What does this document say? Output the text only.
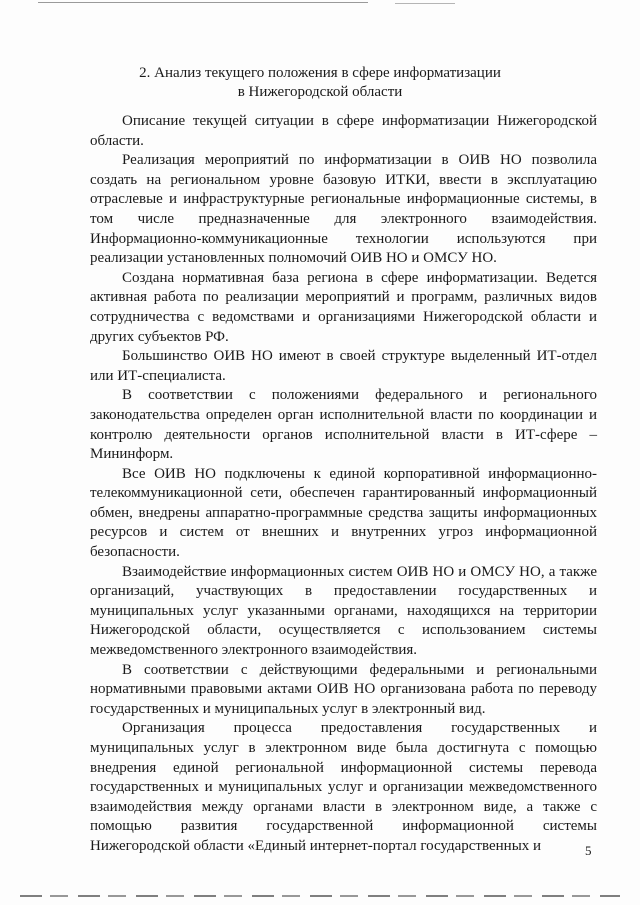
2. Анализ текущего положения в сфере информатизации
в Нижегородской области

Описание текущей ситуации в сфере информатизации Нижегородской области.

Реализация мероприятий по информатизации в ОИВ НО позволила создать на региональном уровне базовую ИТКИ, ввести в эксплуатацию отраслевые и инфраструктурные региональные информационные системы, в том числе предназначенные для электронного взаимодействия. Информационно-коммуникационные технологии используются при реализации установленных полномочий ОИВ НО и ОМСУ НО.

Создана нормативная база региона в сфере информатизации. Ведется активная работа по реализации мероприятий и программ, различных видов сотрудничества с ведомствами и организациями Нижегородской области и других субъектов РФ.

Большинство ОИВ НО имеют в своей структуре выделенный ИТ-отдел или ИТ-специалиста.

В соответствии с положениями федерального и регионального законодательства определен орган исполнительной власти по координации и контролю деятельности органов исполнительной власти в ИТ-сфере – Мининформ.

Все ОИВ НО подключены к единой корпоративной информационно-телекоммуникационной сети, обеспечен гарантированный информационный обмен, внедрены аппаратно-программные средства защиты информационных ресурсов и систем от внешних и внутренних угроз информационной безопасности.

Взаимодействие информационных систем ОИВ НО и ОМСУ НО, а также организаций, участвующих в предоставлении государственных и муниципальных услуг указанными органами, находящихся на территории Нижегородской области, осуществляется с использованием системы межведомственного электронного взаимодействия.

В соответствии с действующими федеральными и региональными нормативными правовыми актами ОИВ НО организована работа по переводу государственных и муниципальных услуг в электронный вид.

Организация процесса предоставления государственных и муниципальных услуг в электронном виде была достигнута с помощью внедрения единой региональной информационной системы перевода государственных и муниципальных услуг и организации межведомственного взаимодействия между органами власти в электронном виде, а также с помощью развития государственной информационной системы Нижегородской области «Единый интернет-портал государственных и	5
